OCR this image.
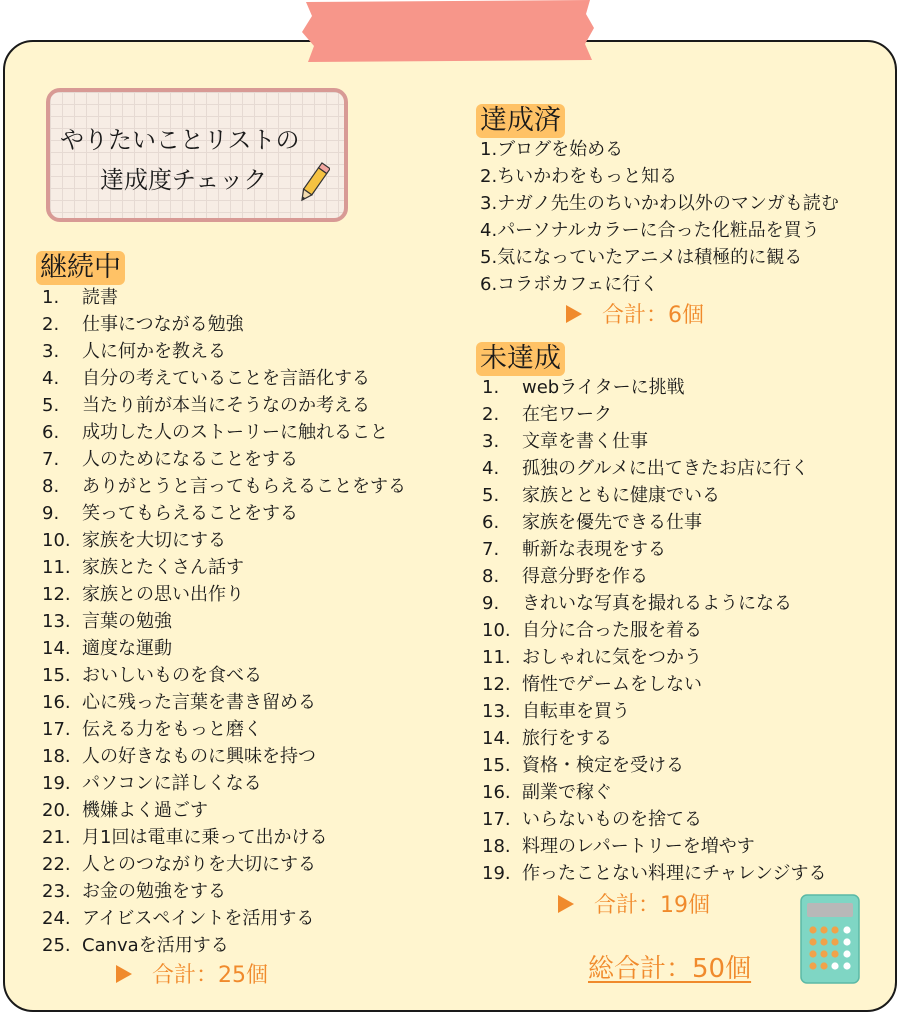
やりたいことリストの
達成度チェック
継続中
1. 読書
2. 仕事につながる勉強
3. 人に何かを教える
4. 自分の考えていることを言語化する
5. 当たり前が本当にそうなのか考える
6. 成功した人のストーリーに触れること
7. 人のためになることをする
8. ありがとうと言ってもらえることをする
9. 笑ってもらえることをする
10. 家族を大切にする
11. 家族とたくさん話す
12. 家族との思い出作り
13. 言葉の勉強
14. 適度な運動
15. おいしいものを食べる
16. 心に残った言葉を書き留める
17. 伝える力をもっと磨く
18. 人の好きなものに興味を持つ
19. パソコンに詳しくなる
20. 機嫌よく過ごす
21. 月1回は電車に乗って出かける
22. 人とのつながりを大切にする
23. お金の勉強をする
24. アイビスペイントを活用する
25. Canvaを活用する
合計：25個
達成済
1.ブログを始める
2.ちいかわをもっと知る
3.ナガノ先生のちいかわ以外のマンガも読む
4.パーソナルカラーに合った化粧品を買う
5.気になっていたアニメは積極的に観る
6.コラボカフェに行く
合計：6個
未達成
1. webライターに挑戦
2. 在宅ワーク
3. 文章を書く仕事
4. 孤独のグルメに出てきたお店に行く
5. 家族とともに健康でいる
6. 家族を優先できる仕事
7. 斬新な表現をする
8. 得意分野を作る
9. きれいな写真を撮れるようになる
10. 自分に合った服を着る
11. おしゃれに気をつかう
12. 惰性でゲームをしない
13. 自転車を買う
14. 旅行をする
15. 資格・検定を受ける
16. 副業で稼ぐ
17. いらないものを捨てる
18. 料理のレパートリーを増やす
19. 作ったことない料理にチャレンジする
合計：19個
総合計：50個
